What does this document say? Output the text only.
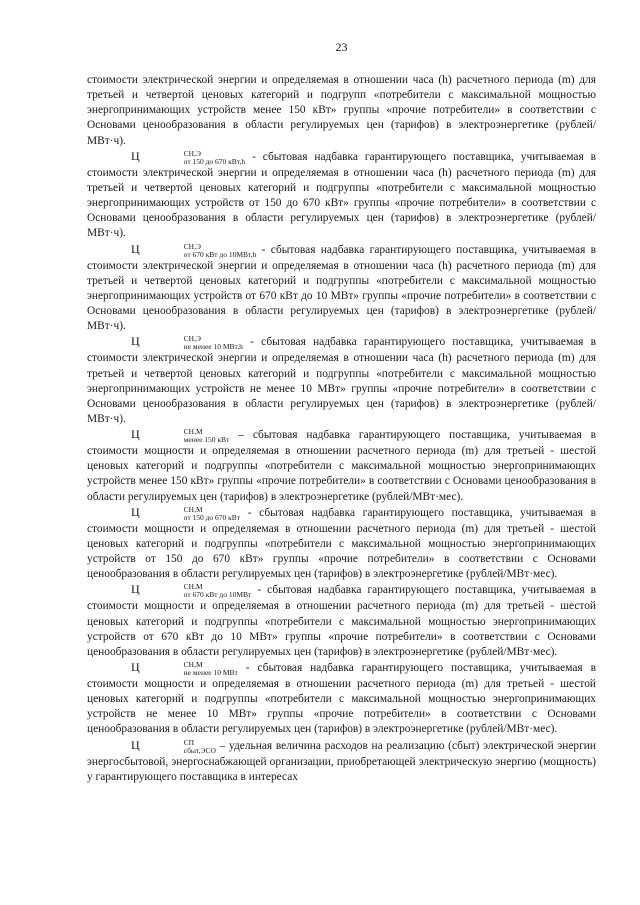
23

стоимости электрической энергии и определяемая в отношении часа (h) расчетного периода (m) для третьей и четвертой ценовых категорий и подгрупп «потребители с максимальной мощностью энергопринимающих устройств менее 150 кВт» группы «прочие потребители» в соответствии с Основами ценообразования в области регулируемых цен (тарифов) в электроэнергетике (рублей/МВт·ч).

Ц	СН,Э
от 150 до 670 кВт,h - сбытовая надбавка гарантирующего поставщика, учитываемая в стоимости электрической энергии и определяемая в отношении часа (h) расчетного периода (m) для третьей и четвертой ценовых категорий и подгруппы «потребители с максимальной мощностью энергопринимающих устройств от 150 до 670 кВт» группы «прочие потребители» в соответствии с Основами ценообразования в области регулируемых цен (тарифов) в электроэнергетике (рублей/МВт·ч).

Ц	СН,Э
от 670 кВт до 10МВт,h - сбытовая надбавка гарантирующего поставщика, учитываемая в стоимости электрической энергии и определяемая в отношении часа (h) расчетного периода (m) для третьей и четвертой ценовых категорий и подгруппы «потребители с максимальной мощностью энергопринимающих устройств от 670 кВт до 10 МВт» группы «прочие потребители» в соответствии с Основами ценообразования в области регулируемых цен (тарифов) в электроэнергетике (рублей/МВт·ч).

Ц	СН,Э
не менее 10 МВт,h - сбытовая надбавка гарантирующего поставщика, учитываемая в стоимости электрической энергии и определяемая в отношении часа (h) расчетного периода (m) для третьей и четвертой ценовых категорий и подгруппы «потребители с максимальной мощностью энергопринимающих устройств не менее 10 МВт» группы «прочие потребители» в соответствии с Основами ценообразования в области регулируемых цен (тарифов) в электроэнергетике (рублей/МВт·ч).

Ц	СН,М
менее 150 кВт – сбытовая надбавка гарантирующего поставщика, учитываемая в стоимости мощности и определяемая в отношении расчетного периода (m) для третьей - шестой ценовых категорий и подгруппы «потребители с максимальной мощностью энергопринимающих устройств менее 150 кВт» группы «прочие потребители» в соответствии с Основами ценообразования в области регулируемых цен (тарифов) в электроэнергетике (рублей/МВт·мес).

Ц	СН,М
от 150 до 670 кВт - сбытовая надбавка гарантирующего поставщика, учитываемая в стоимости мощности и определяемая в отношении расчетного периода (m) для третьей - шестой ценовых категорий и подгруппы «потребители с максимальной мощностью энергопринимающих устройств от 150 до 670 кВт» группы «прочие потребители» в соответствии с Основами ценообразования в области регулируемых цен (тарифов) в электроэнергетике (рублей/МВт·мес).

Ц	СН,М
от 670 кВт до 10МВт - сбытовая надбавка гарантирующего поставщика, учитываемая в стоимости мощности и определяемая в отношении расчетного периода (m) для третьей - шестой ценовых категорий и подгруппы «потребители с максимальной мощностью энергопринимающих устройств от 670 кВт до 10 МВт» группы «прочие потребители» в соответствии с Основами ценообразования в области регулируемых цен (тарифов) в электроэнергетике (рублей/МВт·мес).

Ц	СН,М
не менее 10 МВт - сбытовая надбавка гарантирующего поставщика, учитываемая в стоимости мощности и определяемая в отношении расчетного периода (m) для третьей - шестой ценовых категорий и подгруппы «потребители с максимальной мощностью энергопринимающих устройств не менее 10 МВт» группы «прочие потребители» в соответствии с Основами ценообразования в области регулируемых цен (тарифов) в электроэнергетике (рублей/МВт·мес).

Ц	СП
сбыт,ЭСО – удельная величина расходов на реализацию (сбыт) электрической энергии энергосбытовой, энергоснабжающей организации, приобретающей электрическую энергию (мощность) у гарантирующего поставщика в интересах
